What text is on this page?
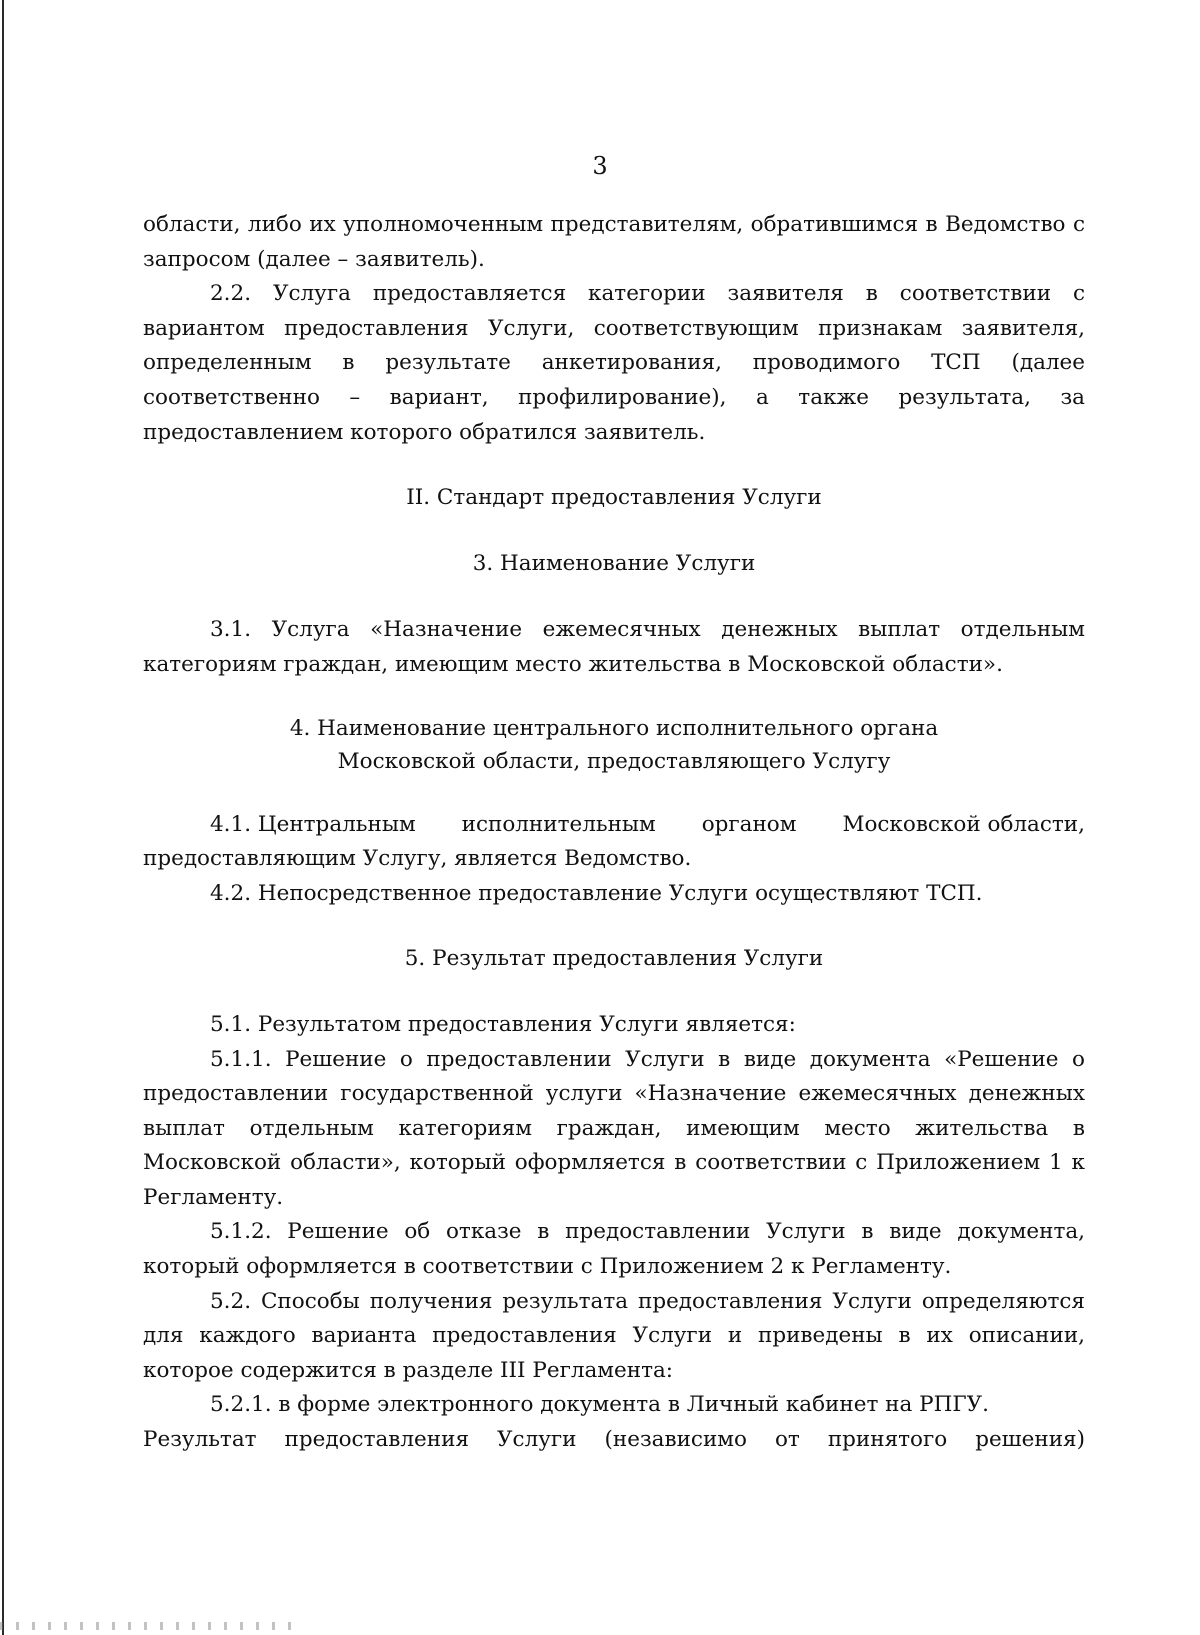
3

области, либо их уполномоченным представителям, обратившимся в Ведомство с запросом (далее – заявитель).

2.2. Услуга предоставляется категории заявителя в соответствии с вариантом предоставления Услуги, соответствующим признакам заявителя, определенным в результате анкетирования, проводимого ТСП (далее соответственно – вариант, профилирование), а также результата, за предоставлением которого обратился заявитель.

II. Стандарт предоставления Услуги

3. Наименование Услуги

3.1. Услуга «Назначение ежемесячных денежных выплат отдельным категориям граждан, имеющим место жительства в Московской области».

4. Наименование центрального исполнительного органа
Московской области, предоставляющего Услугу
4.1. Центральным исполнительным органом Московской области,
предоставляющим Услугу, является Ведомство.

4.2. Непосредственное предоставление Услуги осуществляют ТСП.

5. Результат предоставления Услуги

5.1. Результатом предоставления Услуги является:

5.1.1. Решение о предоставлении Услуги в виде документа «Решение о предоставлении государственной услуги «Назначение ежемесячных денежных выплат отдельным категориям граждан, имеющим место жительства в Московской области», который оформляется в соответствии с Приложением 1 к Регламенту.

5.1.2. Решение об отказе в предоставлении Услуги в виде документа, который оформляется в соответствии с Приложением 2 к Регламенту.

5.2. Способы получения результата предоставления Услуги определяются для каждого варианта предоставления Услуги и приведены в их описании, которое содержится в разделе III Регламента:

5.2.1. в форме электронного документа в Личный кабинет на РПГУ.
Результат предоставления Услуги (независимо от принятого решения)
